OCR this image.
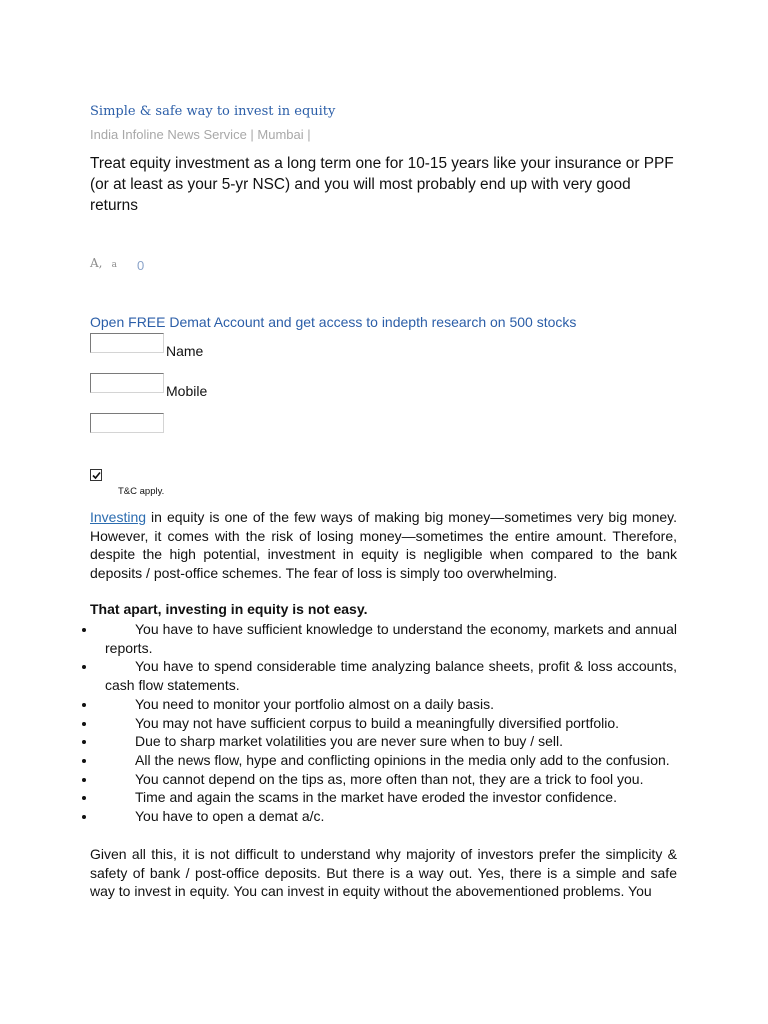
Simple & safe way to invest in equity
India Infoline News Service | Mumbai |
Treat equity investment as a long term one for 10-15 years like your insurance or PPF (or at least as your 5-yr NSC) and you will most probably end up with very good returns
A, a 0
Open FREE Demat Account and get access to indepth research on 500 stocks
Name
Mobile
T&C apply.
Investing in equity is one of the few ways of making big money—sometimes very big money. However, it comes with the risk of losing money—sometimes the entire amount. Therefore, despite the high potential, investment in equity is negligible when compared to the bank deposits / post-office schemes. The fear of loss is simply too overwhelming.
That apart, investing in equity is not easy.
You have to have sufficient knowledge to understand the economy, markets and annual reports.
You have to spend considerable time analyzing balance sheets, profit & loss accounts, cash flow statements.
You need to monitor your portfolio almost on a daily basis.
You may not have sufficient corpus to build a meaningfully diversified portfolio.
Due to sharp market volatilities you are never sure when to buy / sell.
All the news flow, hype and conflicting opinions in the media only add to the confusion.
You cannot depend on the tips as, more often than not, they are a trick to fool you.
Time and again the scams in the market have eroded the investor confidence.
You have to open a demat a/c.
Given all this, it is not difficult to understand why majority of investors prefer the simplicity & safety of bank / post-office deposits. But there is a way out. Yes, there is a simple and safe way to invest in equity. You can invest in equity without the abovementioned problems. You
